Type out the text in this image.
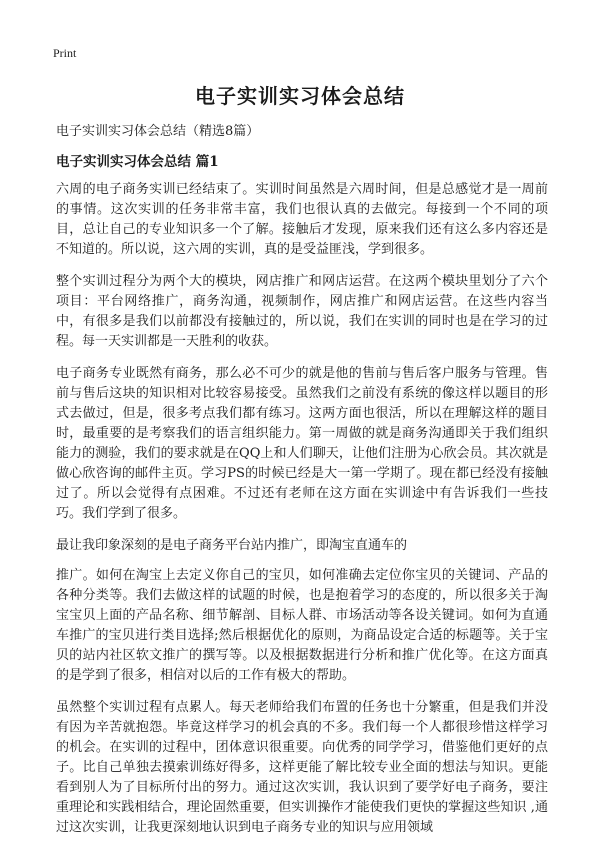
Print
电子实训实习体会总结
电子实训实习体会总结（精选8篇）
电子实训实习体会总结 篇1

六周的电子商务实训已经结束了。实训时间虽然是六周时间，但是总感觉才是一周前的事情。这次实训的任务非常丰富，我们也很认真的去做完。每接到一个不同的项目，总让自己的专业知识多一个了解。接触后才发现，原来我们还有这么多内容还是不知道的。所以说，这六周的实训，真的是受益匪浅，学到很多。

整个实训过程分为两个大的模块，网店推广和网店运营。在这两个模块里划分了六个项目：平台网络推广，商务沟通，视频制作，网店推广和网店运营。在这些内容当中，有很多是我们以前都没有接触过的，所以说，我们在实训的同时也是在学习的过程。每一天实训都是一天胜利的收获。

电子商务专业既然有商务，那么必不可少的就是他的售前与售后客户服务与管理。售前与售后这块的知识相对比较容易接受。虽然我们之前没有系统的像这样以题目的形式去做过，但是，很多考点我们都有练习。这两方面也很活，所以在理解这样的题目时，最重要的是考察我们的语言组织能力。第一周做的就是商务沟通即关于我们组织能力的测验，我们的要求就是在QQ上和人们聊天，让他们注册为心欣会员。其次就是做心欣咨询的邮件主页。学习PS的时候已经是大一第一学期了。现在都已经没有接触过了。所以会觉得有点困难。不过还有老师在这方面在实训途中有告诉我们一些技巧。我们学到了很多。

最让我印象深刻的是电子商务平台站内推广，即淘宝直通车的

推广。如何在淘宝上去定义你自己的宝贝，如何准确去定位你宝贝的关键词、产品的各种分类等。我们去做这样的试题的时候，也是抱着学习的态度的，所以很多关于淘宝宝贝上面的产品名称、细节解剖、目标人群、市场活动等各设关键词。如何为直通车推广的宝贝进行类目选择;然后根据优化的原则，为商品设定合适的标题等。关于宝贝的站内社区软文推广的撰写等。以及根据数据进行分析和推广优化等。在这方面真的是学到了很多，相信对以后的工作有极大的帮助。

虽然整个实训过程有点累人。每天老师给我们布置的任务也十分繁重，但是我们并没有因为辛苦就抱怨。毕竟这样学习的机会真的不多。我们每一个人都很珍惜这样学习的机会。在实训的过程中，团体意识很重要。向优秀的同学学习，借鉴他们更好的点子。比自己单独去摸索训练好得多，这样更能了解比较专业全面的想法与知识。更能看到别人为了目标所付出的努力。通过这次实训，我认识到了要学好电子商务，要注重理论和实践相结合，理论固然重要，但实训操作才能使我们更快的掌握这些知识 ,通过这次实训，让我更深刻地认识到电子商务专业的知识与应用领域
